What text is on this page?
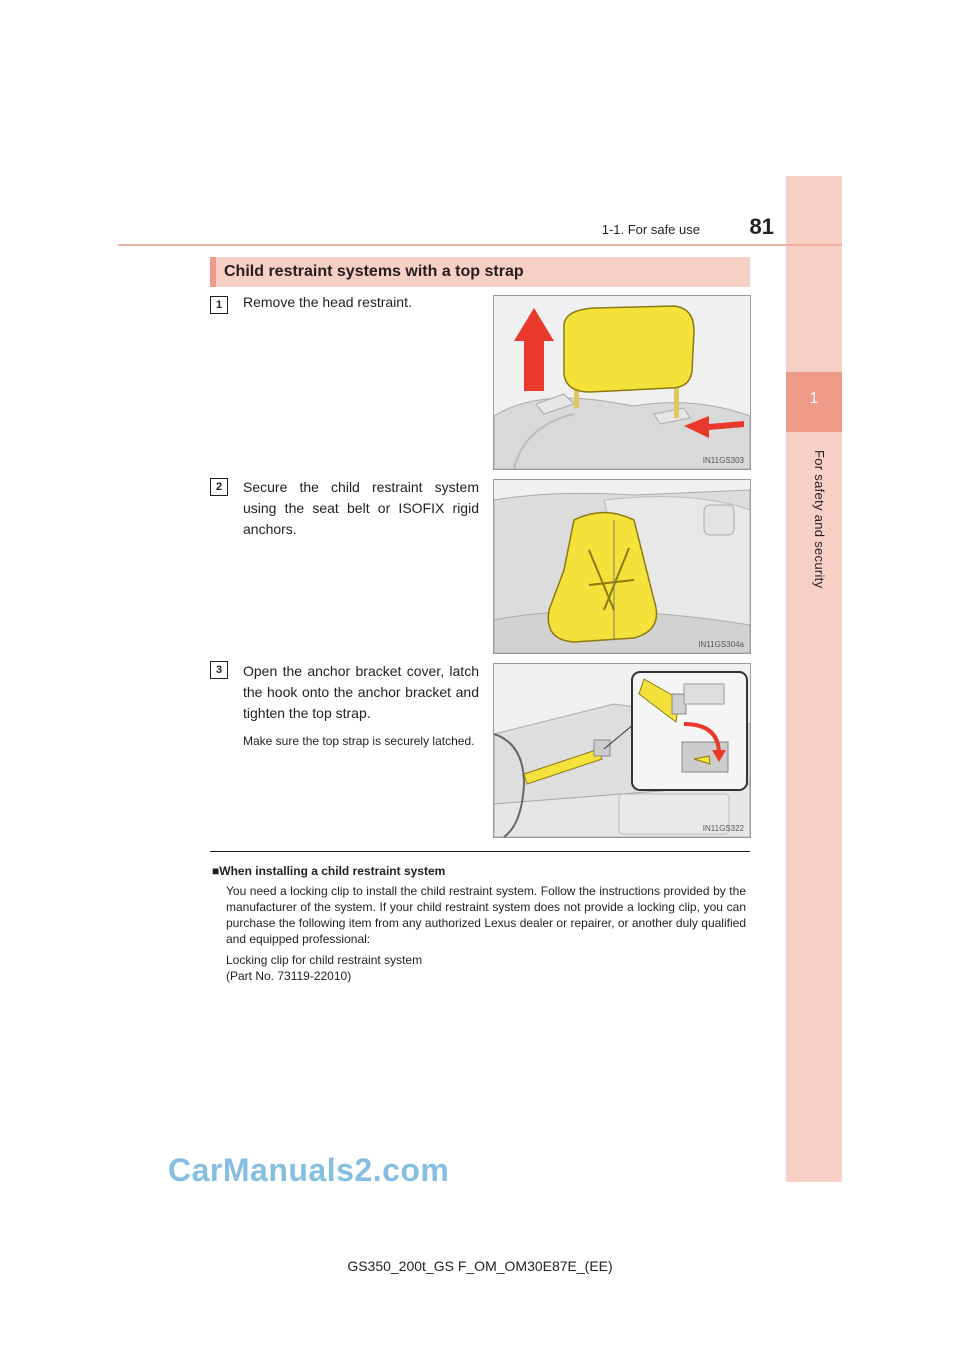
1
For safety and security
1-1. For safe use	81
Child restraint systems with a top strap
1	Remove the head restraint.
IN11GS303
2	Secure the child restraint system using the seat belt or ISOFIX rigid anchors.
IN11GS304a
3	Open the anchor bracket cover, latch the hook onto the anchor bracket and tighten the top strap.
Make sure the top strap is securely latched.
IN11GS322
■When installing a child restraint system
You need a locking clip to install the child restraint system. Follow the instructions provided by the manufacturer of the system. If your child restraint system does not provide a locking clip, you can purchase the following item from any authorized Lexus dealer or repairer, or another duly qualified and equipped professional:
Locking clip for child restraint system
(Part No. 73119-22010)
CarManuals2.com
GS350_200t_GS F_OM_OM30E87E_(EE)
